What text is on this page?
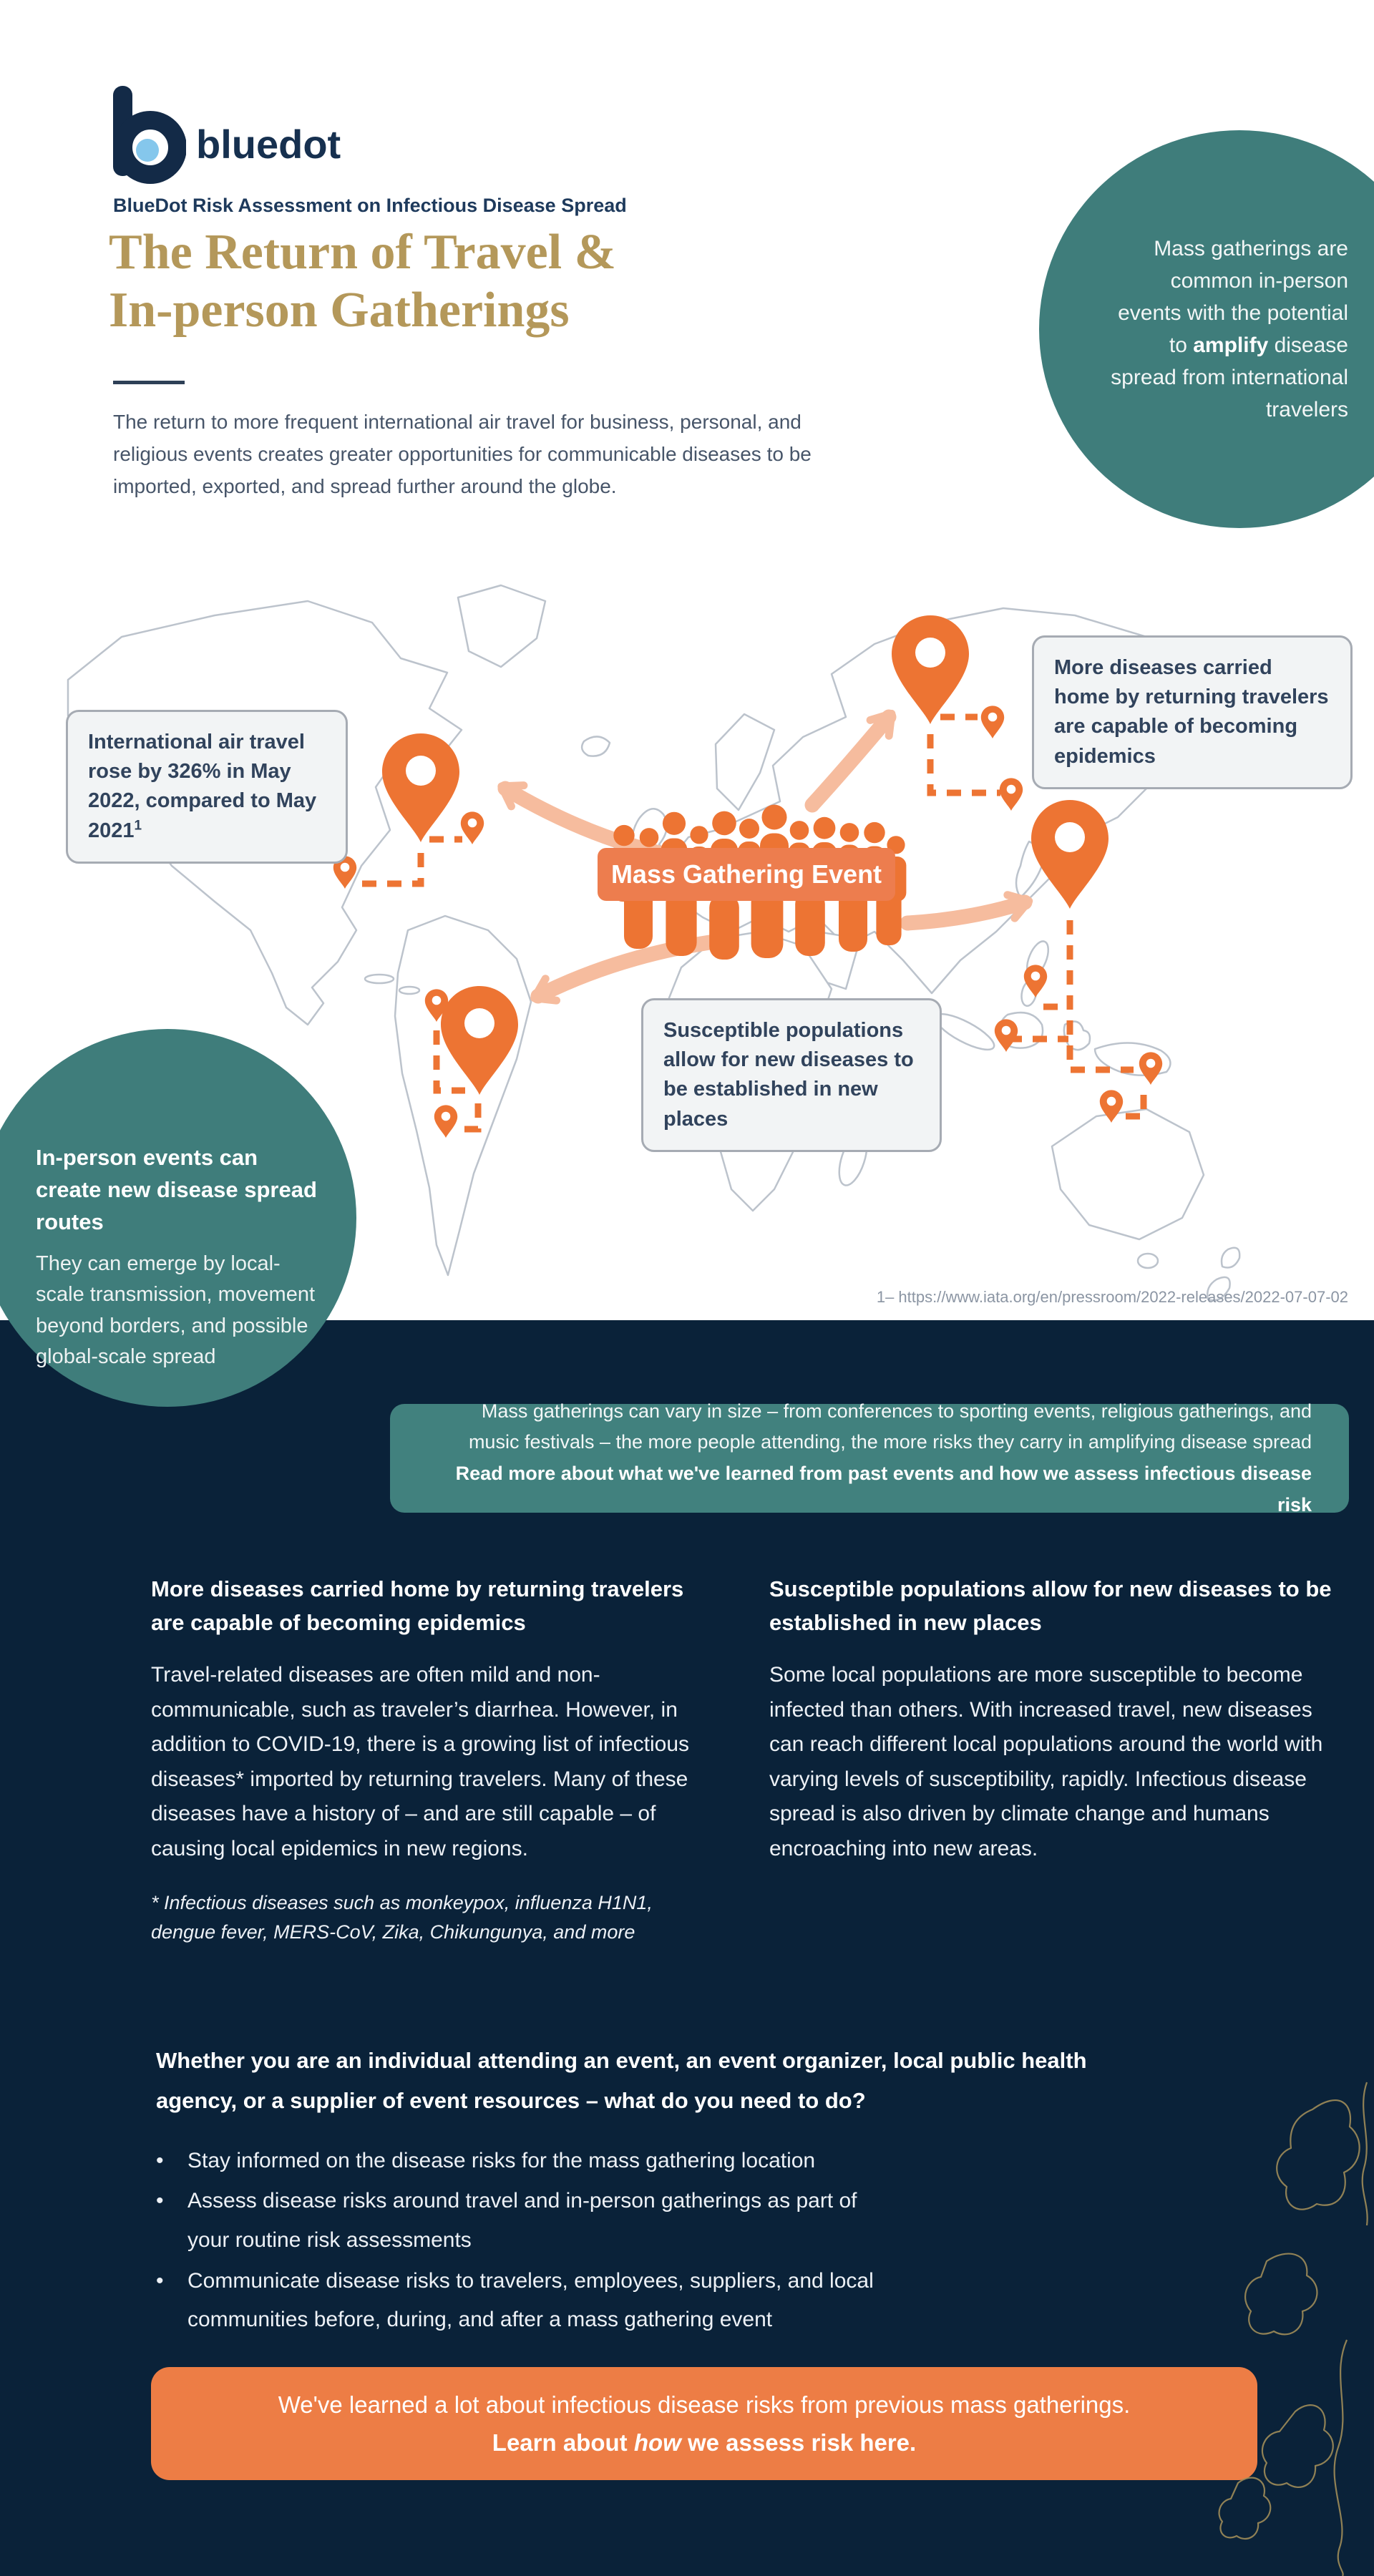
Mass Gathering Event
International air travel rose by 326% in May 2022, compared to May 2021$^1$
More diseases carried home by returning travelers are capable of becoming epidemics
Susceptible populations allow for new diseases to be established in new places
1– https://www.iata.org/en/pressroom/2022-releases/2022-07-07-02
Mass gatherings are common in-person events with the potential to amplify disease spread from international travelers
In-person events can create new disease spread routes
They can emerge by local-scale transmission, movement beyond borders, and possible global-scale spread
bluedot
BlueDot Risk Assessment on Infectious Disease Spread
The Return of Travel &
In-person Gatherings
The return to more frequent international air travel for business, personal, and religious events creates greater opportunities for communicable diseases to be imported, exported, and spread further around the globe.
Mass gatherings can vary in size – from conferences to sporting events, religious gatherings, and music festivals – the more people attending, the more risks they carry in amplifying disease spread
Read more about what we've learned from past events and how we assess infectious disease risk
More diseases carried home by returning travelers are capable of becoming epidemics
Travel-related diseases are often mild and non-communicable, such as traveler’s diarrhea. However, in addition to COVID-19, there is a growing list of infectious diseases* imported by returning travelers. Many of these diseases have a history of – and are still capable – of causing local epidemics in new regions.
* Infectious diseases such as monkeypox, influenza H1N1, dengue fever, MERS-CoV, Zika, Chikungunya, and more
Susceptible populations allow for new diseases to be established in new places
Some local populations are more susceptible to become infected than others. With increased travel, new diseases can reach different local populations around the world with varying levels of susceptibility, rapidly. Infectious disease spread is also driven by climate change and humans encroaching into new areas.
Whether you are an individual attending an event, an event organizer, local public health agency, or a supplier of event resources – what do you need to do?
•	Stay informed on the disease risks for the mass gathering location
•	Assess disease risks around travel and in-person gatherings as part of your routine risk assessments
•	Communicate disease risks to travelers, employees, suppliers, and local communities before, during, and after a mass gathering event
We've learned a lot about infectious disease risks from previous mass gatherings.
Learn about how we assess risk here.
